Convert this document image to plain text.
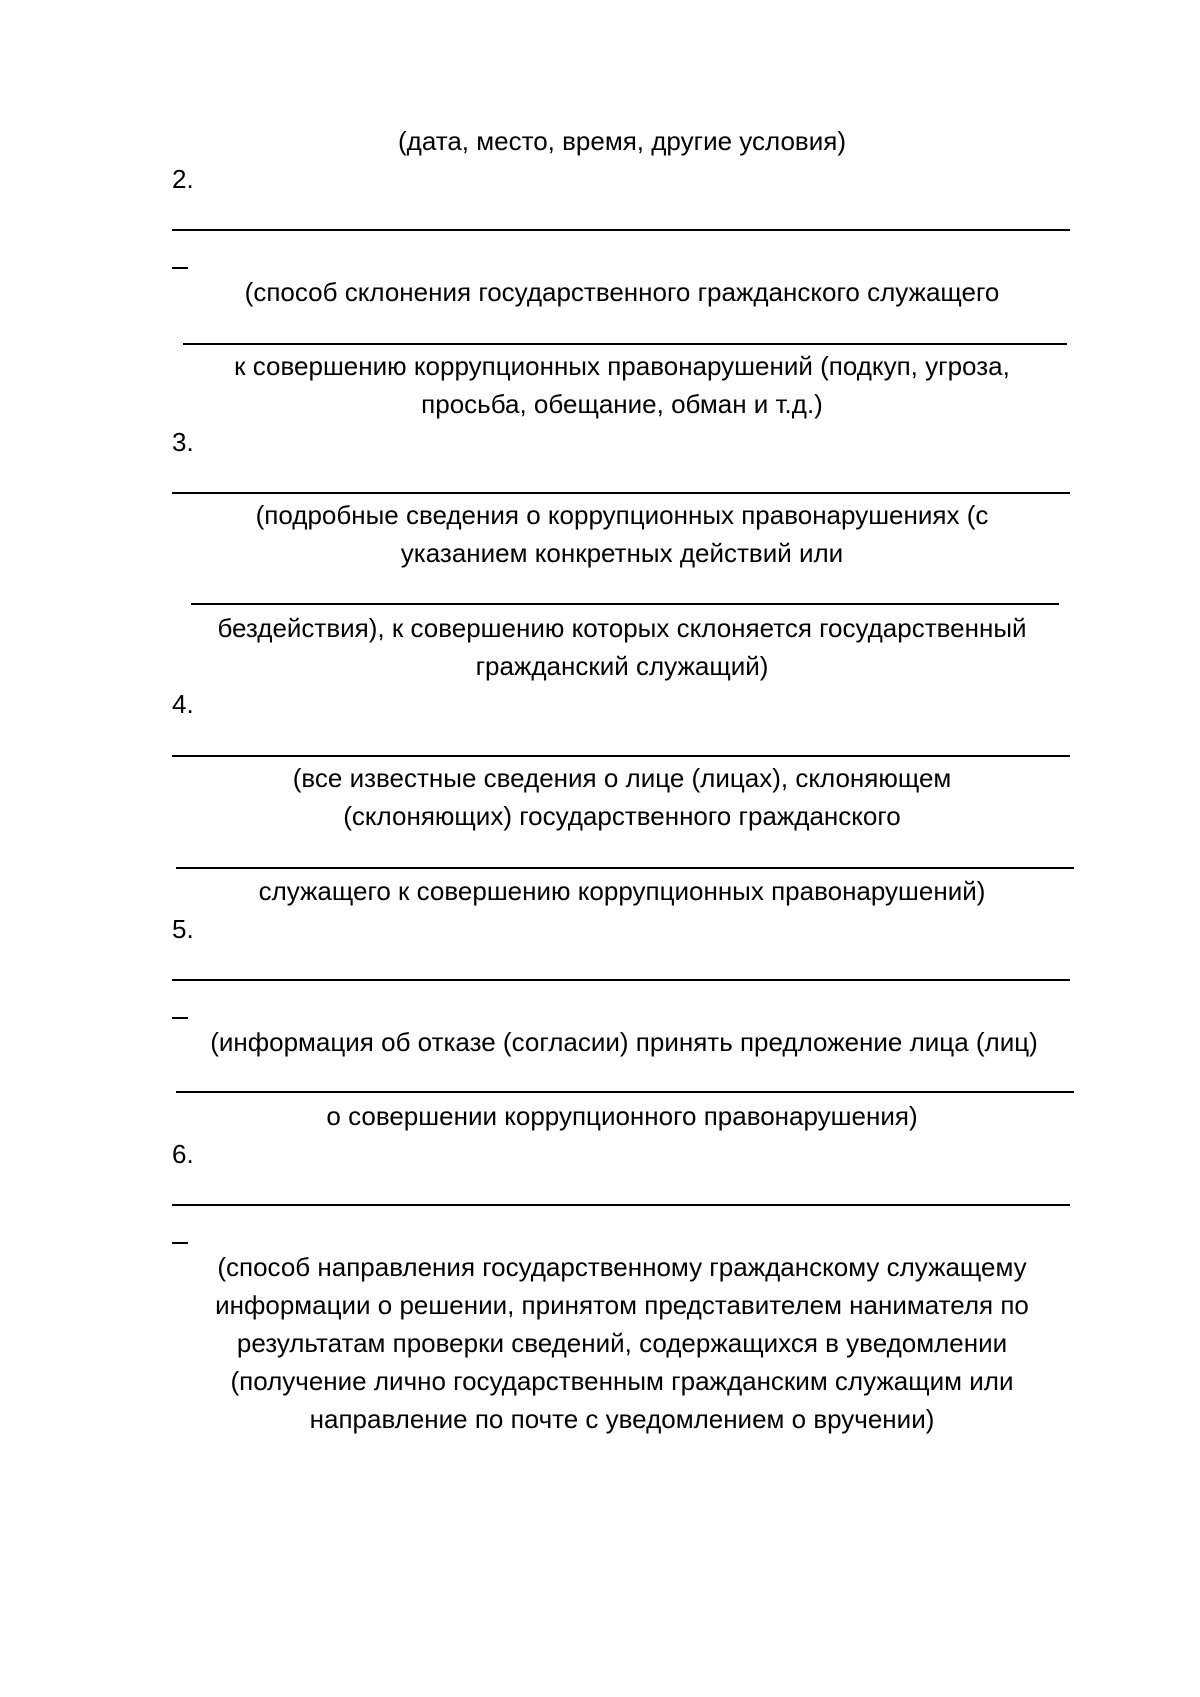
(дата, место, время, другие условия)
2.
(способ склонения государственного гражданского служащего
к совершению коррупционных правонарушений (подкуп, угроза,
просьба, обещание, обман и т.д.)
3.
(подробные сведения о коррупционных правонарушениях (с
указанием конкретных действий или
бездействия), к совершению которых склоняется государственный
гражданский служащий)
4.
(все известные сведения о лице (лицах), склоняющем
(склоняющих) государственного гражданского
служащего к совершению коррупционных правонарушений)
5.
(информация об отказе (согласии) принять предложение лица (лиц)
о совершении коррупционного правонарушения)
6.
(способ направления государственному гражданскому служащему
информации о решении, принятом представителем нанимателя по
результатам проверки сведений, содержащихся в уведомлении
(получение лично государственным гражданским служащим или
направление по почте с уведомлением о вручении)
